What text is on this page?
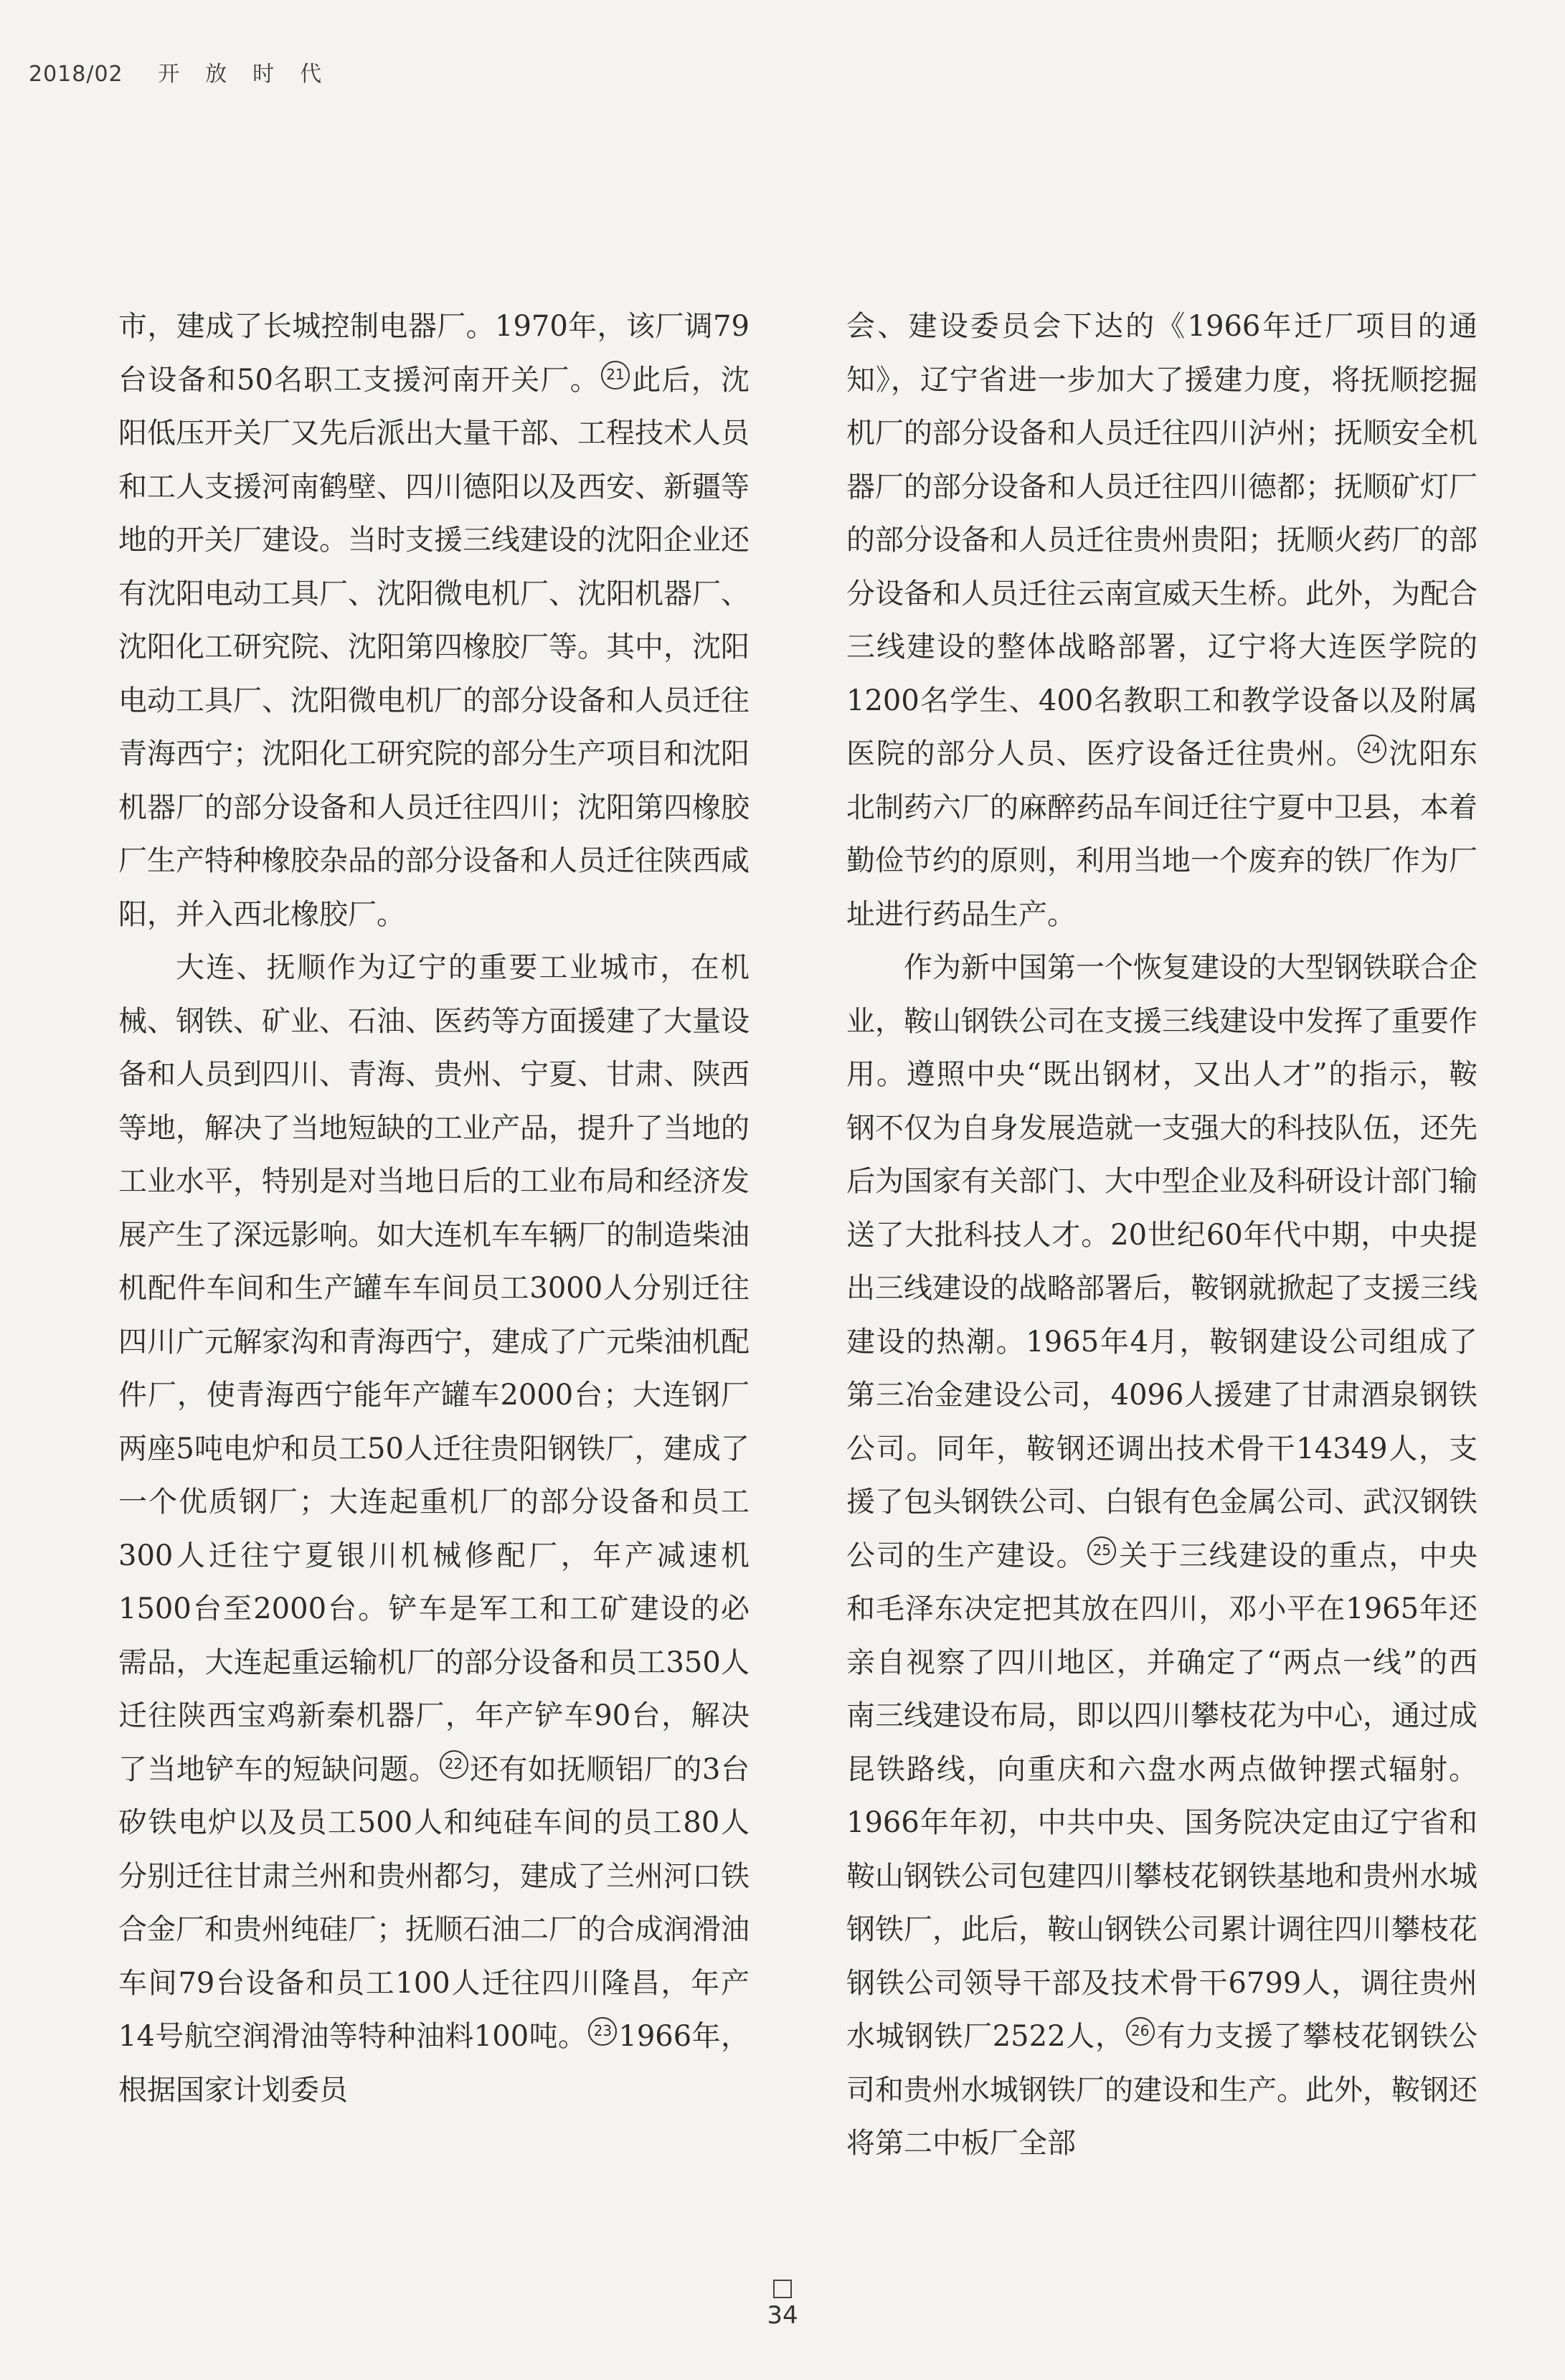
2018/02 开放时代

市，建成了长城控制电器厂。1970年，该厂调79台设备和50名职工支援河南开关厂。 21 此后，沈阳低压开关厂又先后派出大量干部、工程技术人员和工人支援河南鹤壁、四川德阳以及西安、新疆等地的开关厂建设。当时支援三线建设的沈阳企业还有沈阳电动工具厂、沈阳微电机厂、沈阳机器厂、沈阳化工研究院、沈阳第四橡胶厂等。其中，沈阳电动工具厂、沈阳微电机厂的部分设备和人员迁往青海西宁；沈阳化工研究院的部分生产项目和沈阳机器厂的部分设备和人员迁往四川；沈阳第四橡胶厂生产特种橡胶杂品的部分设备和人员迁往陕西咸阳，并入西北橡胶厂。

大连、抚顺作为辽宁的重要工业城市，在机械、钢铁、矿业、石油、医药等方面援建了大量设备和人员到四川、青海、贵州、宁夏、甘肃、陕西等地，解决了当地短缺的工业产品，提升了当地的工业水平，特别是对当地日后的工业布局和经济发展产生了深远影响。如大连机车车辆厂的制造柴油机配件车间和生产罐车车间员工3000人分别迁往四川广元解家沟和青海西宁，建成了广元柴油机配件厂，使青海西宁能年产罐车2000台；大连钢厂两座5吨电炉和员工50人迁往贵阳钢铁厂，建成了一个优质钢厂；大连起重机厂的部分设备和员工300人迁往宁夏银川机械修配厂，年产减速机1500台至2000台。铲车是军工和工矿建设的必需品，大连起重运输机厂的部分设备和员工350人迁往陕西宝鸡新秦机器厂，年产铲车90台，解决了当地铲车的短缺问题。 22 还有如抚顺铝厂的3台矽铁电炉以及员工500人和纯硅车间的员工80人分别迁往甘肃兰州和贵州都匀，建成了兰州河口铁合金厂和贵州纯硅厂；抚顺石油二厂的合成润滑油车间79台设备和员工100人迁往四川隆昌，年产14号航空润滑油等特种油料100吨。 23 1966年，根据国家计划委员

会、建设委员会下达的《1966年迁厂项目的通知》，辽宁省进一步加大了援建力度，将抚顺挖掘机厂的部分设备和人员迁往四川泸州；抚顺安全机器厂的部分设备和人员迁往四川德都；抚顺矿灯厂的部分设备和人员迁往贵州贵阳；抚顺火药厂的部分设备和人员迁往云南宣威天生桥。此外，为配合三线建设的整体战略部署，辽宁将大连医学院的1200名学生、400名教职工和教学设备以及附属医院的部分人员、医疗设备迁往贵州。 24 沈阳东北制药六厂的麻醉药品车间迁往宁夏中卫县，本着勤俭节约的原则，利用当地一个废弃的铁厂作为厂址进行药品生产。

作为新中国第一个恢复建设的大型钢铁联合企业，鞍山钢铁公司在支援三线建设中发挥了重要作用。遵照中央“既出钢材，又出人才”的指示，鞍钢不仅为自身发展造就一支强大的科技队伍，还先后为国家有关部门、大中型企业及科研设计部门输送了大批科技人才。20世纪60年代中期，中央提出三线建设的战略部署后，鞍钢就掀起了支援三线建设的热潮。1965年4月，鞍钢建设公司组成了第三冶金建设公司，4096人援建了甘肃酒泉钢铁公司。同年，鞍钢还调出技术骨干14349人，支援了包头钢铁公司、白银有色金属公司、武汉钢铁公司的生产建设。 25 关于三线建设的重点，中央和毛泽东决定把其放在四川，邓小平在1965年还亲自视察了四川地区，并确定了“两点一线”的西南三线建设布局，即以四川攀枝花为中心，通过成昆铁路线，向重庆和六盘水两点做钟摆式辐射。1966年年初，中共中央、国务院决定由辽宁省和鞍山钢铁公司包建四川攀枝花钢铁基地和贵州水城钢铁厂，此后，鞍山钢铁公司累计调往四川攀枝花钢铁公司领导干部及技术骨干6799人，调往贵州水城钢铁厂2522人， 26 有力支援了攀枝花钢铁公司和贵州水城钢铁厂的建设和生产。此外，鞍钢还将第二中板厂全部

34
